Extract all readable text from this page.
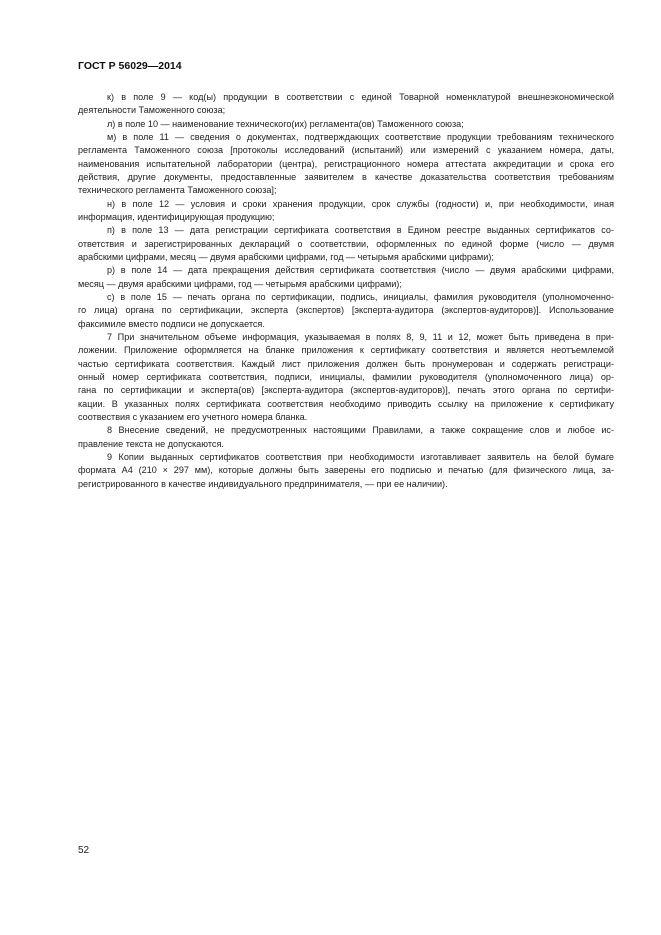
ГОСТ Р 56029—2014
к) в поле 9 — код(ы) продукции в соответствии с единой Товарной номенклатурой внешнеэкономической
деятельности Таможенного союза;
л) в поле 10 — наименование технического(их) регламента(ов) Таможенного союза;
м) в поле 11 — сведения о документах, подтверждающих соответствие продукции требованиям технического
регламента Таможенного союза [протоколы исследований (испытаний) или измерений с указанием номера, даты,
наименования испытательной лаборатории (центра), регистрационного номера аттестата аккредитации и срока его
действия, другие документы, предоставленные заявителем в качестве доказательства соответствия требованиям
технического регламента Таможенного союза];
н) в поле 12 — условия и сроки хранения продукции, срок службы (годности) и, при необходимости, иная
информация, идентифицирующая продукцию;
п) в поле 13 — дата регистрации сертификата соответствия в Едином реестре выданных сертификатов со-
ответствия и зарегистрированных деклараций о соответствии, оформленных по единой форме (число — двумя
арабскими цифрами, месяц — двумя арабскими цифрами, год — четырьмя арабскими цифрами);
р) в поле 14 — дата прекращения действия сертификата соответствия (число — двумя арабскими цифрами,
месяц — двумя арабскими цифрами, год — четырьмя арабскими цифрами);
с) в поле 15 — печать органа по сертификации, подпись, инициалы, фамилия руководителя (уполномоченно-
го лица) органа по сертификации, эксперта (экспертов) [эксперта-аудитора (экспертов-аудиторов)]. Использование
факсимиле вместо подписи не допускается.
7 При значительном объеме информация, указываемая в полях 8, 9, 11 и 12, может быть приведена в при-
ложении. Приложение оформляется на бланке приложения к сертификату соответствия и является неотъемлемой
частью сертификата соответствия. Каждый лист приложения должен быть пронумерован и содержать регистраци-
онный номер сертификата соответствия, подписи, инициалы, фамилии руководителя (уполномоченного лица) ор-
гана по сертификации и эксперта(ов) [эксперта-аудитора (экспертов-аудиторов)], печать этого органа по сертифи-
кации. В указанных полях сертификата соответствия необходимо приводить ссылку на приложение к сертификату
соотвествия с указанием его учетного номера бланка.
8 Внесение сведений, не предусмотренных настоящими Правилами, а также сокращение слов и любое ис-
правление текста не допускаются.
9 Копии выданных сертификатов соответствия при необходимости изготавливает заявитель на белой бумаге
формата А4 (210 × 297 мм), которые должны быть заверены его подписью и печатью (для физического лица, за-
регистрированного в качестве индивидуального предпринимателя, — при ее наличии).
52
